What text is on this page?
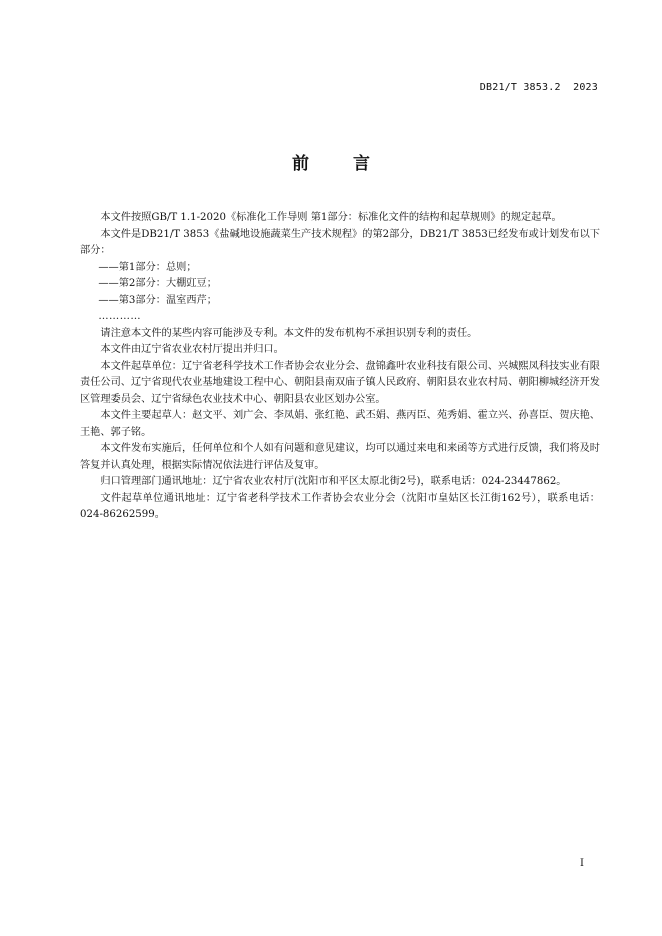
DB21/T 3853.2  2023
前	言

本文件按照GB/T 1.1-2020《标准化工作导则 第1部分：标准化文件的结构和起草规则》的规定起草。

本文件是DB21/T 3853《盐碱地设施蔬菜生产技术规程》的第2部分，DB21/T 3853已经发布或计划发布以下部分：

——第1部分：总则；

——第2部分：大棚豇豆；

——第3部分：温室西芹；

…………

请注意本文件的某些内容可能涉及专利。本文件的发布机构不承担识别专利的责任。

本文件由辽宁省农业农村厅提出并归口。

本文件起草单位：辽宁省老科学技术工作者协会农业分会、盘锦鑫叶农业科技有限公司、兴城熙凤科技实业有限责任公司、辽宁省现代农业基地建设工程中心、朝阳县南双庙子镇人民政府、朝阳县农业农村局、朝阳柳城经济开发区管理委员会、辽宁省绿色农业技术中心、朝阳县农业区划办公室。

本文件主要起草人：赵文平、刘广会、李凤娟、张红艳、武丕娟、燕丙臣、苑秀娟、霍立兴、孙喜臣、贺庆艳、王艳、郭子铭。

本文件发布实施后，任何单位和个人如有问题和意见建议，均可以通过来电和来函等方式进行反馈，我们将及时答复并认真处理，根据实际情况依法进行评估及复审。

归口管理部门通讯地址：辽宁省农业农村厅(沈阳市和平区太原北街2号)，联系电话：024-23447862。

文件起草单位通讯地址：辽宁省老科学技术工作者协会农业分会（沈阳市皇姑区长江街162号），联系电话：024-86262599。

I
